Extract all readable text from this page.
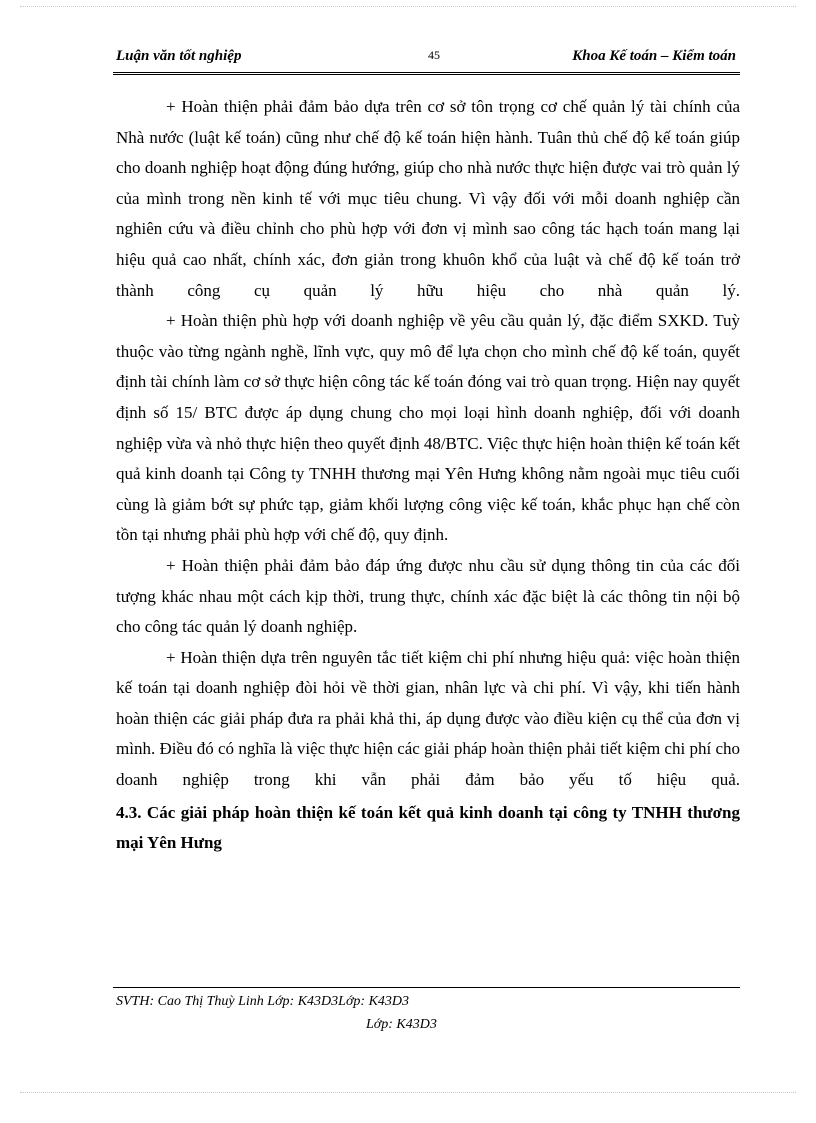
Luận văn tốt nghiệp	45	Khoa Kế toán – Kiểm toán

+ Hoàn thiện phải đảm bảo dựa trên cơ sở tôn trọng cơ chế quản lý tài chính của Nhà nước (luật kế toán) cũng như chế độ kế toán hiện hành. Tuân thủ chế độ kế toán giúp cho doanh nghiệp hoạt động đúng hướng, giúp cho nhà nước thực hiện được vai trò quản lý của mình trong nền kinh tế với mục tiêu chung. Vì vậy đối với mỗi doanh nghiệp cần nghiên cứu và điều chỉnh cho phù hợp với đơn vị mình sao công tác hạch toán mang lại hiệu quả cao nhất, chính xác, đơn giản trong khuôn khổ của luật và chế độ kế toán trở thành công cụ quản lý hữu hiệu cho nhà quản lý.

+ Hoàn thiện phù hợp với doanh nghiệp về yêu cầu quản lý, đặc điểm SXKD. Tuỳ thuộc vào từng ngành nghề, lĩnh vực, quy mô để lựa chọn cho mình chế độ kế toán, quyết định tài chính làm cơ sở thực hiện công tác kế toán đóng vai trò quan trọng. Hiện nay quyết định số 15/ BTC được áp dụng chung cho mọi loại hình doanh nghiệp, đối với doanh nghiệp vừa và nhỏ thực hiện theo quyết định 48/BTC. Việc thực hiện hoàn thiện kế toán kết quả kinh doanh tại Công ty TNHH thương mại Yên Hưng không nằm ngoài mục tiêu cuối cùng là giảm bớt sự phức tạp, giảm khối lượng công việc kế toán, khắc phục hạn chế còn tồn tại nhưng phải phù hợp với chế độ, quy định.

+ Hoàn thiện phải đảm bảo đáp ứng được nhu cầu sử dụng thông tin của các đối tượng khác nhau một cách kịp thời, trung thực, chính xác đặc biệt là các thông tin nội bộ cho công tác quản lý doanh nghiệp.

+ Hoàn thiện dựa trên nguyên tắc tiết kiệm chi phí nhưng hiệu quả: việc hoàn thiện kế toán tại doanh nghiệp đòi hỏi về thời gian, nhân lực và chi phí. Vì vậy, khi tiến hành hoàn thiện các giải pháp đưa ra phải khả thi, áp dụng được vào điều kiện cụ thể của đơn vị mình. Điều đó có nghĩa là việc thực hiện các giải pháp hoàn thiện phải tiết kiệm chi phí cho doanh nghiệp trong khi vẫn phải đảm bảo yếu tố hiệu quả.

4.3. Các giải pháp hoàn thiện kế toán kết quả kinh doanh tại công ty TNHH thương mại Yên Hưng

SVTH: Cao Thị Thuỳ Linh Lớp: K43D3Lớp: K43D3
Lớp: K43D3
